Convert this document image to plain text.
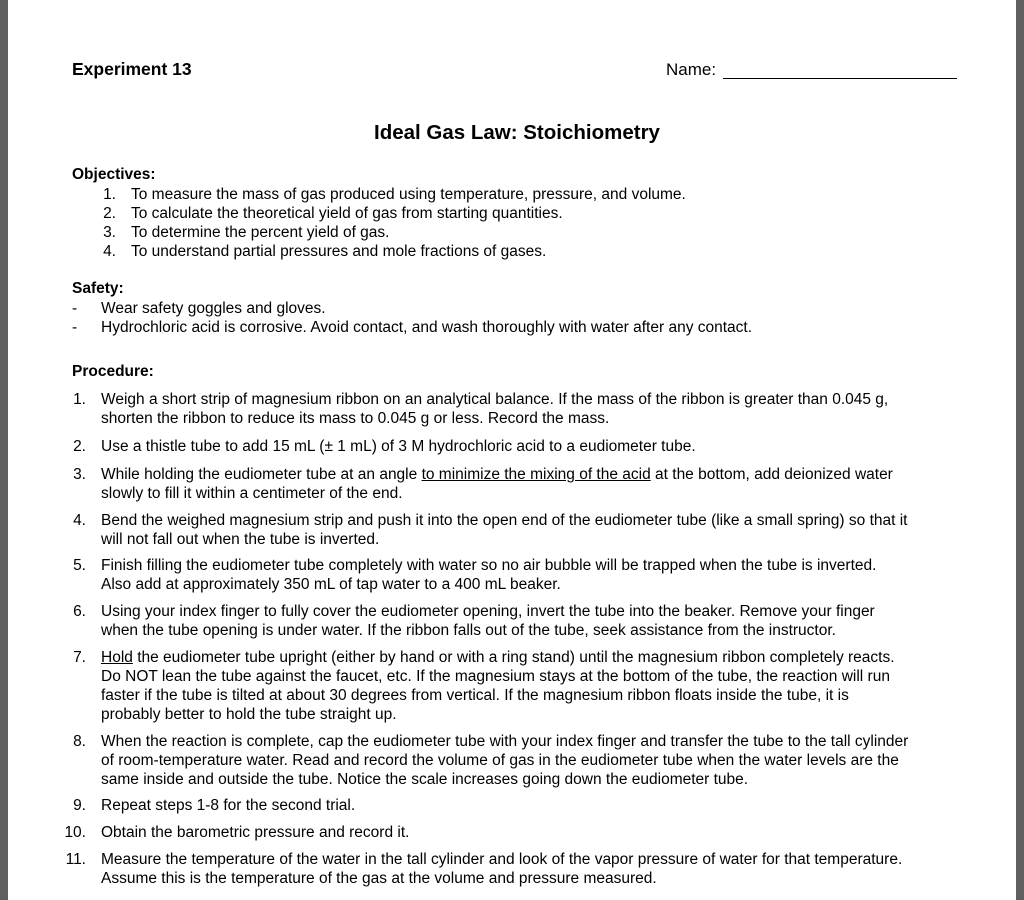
Experiment 13	Name:
Ideal Gas Law: Stoichiometry
Objectives:
1. To measure the mass of gas produced using temperature, pressure, and volume.
2. To calculate the theoretical yield of gas from starting quantities.
3. To determine the percent yield of gas.
4. To understand partial pressures and mole fractions of gases.
Safety:
- Wear safety goggles and gloves.
- Hydrochloric acid is corrosive. Avoid contact, and wash thoroughly with water after any contact.
Procedure:
1. Weigh a short strip of magnesium ribbon on an analytical balance. If the mass of the ribbon is greater than 0.045 g,
shorten the ribbon to reduce its mass to 0.045 g or less. Record the mass.
2. Use a thistle tube to add 15 mL (± 1 mL) of 3 M hydrochloric acid to a eudiometer tube.
3. While holding the eudiometer tube at an angle to minimize the mixing of the acid at the bottom, add deionized water
slowly to fill it within a centimeter of the end.
4. Bend the weighed magnesium strip and push it into the open end of the eudiometer tube (like a small spring) so that it
will not fall out when the tube is inverted.
5. Finish filling the eudiometer tube completely with water so no air bubble will be trapped when the tube is inverted.
Also add at approximately 350 mL of tap water to a 400 mL beaker.
6. Using your index finger to fully cover the eudiometer opening, invert the tube into the beaker. Remove your finger
when the tube opening is under water. If the ribbon falls out of the tube, seek assistance from the instructor.
7. Hold the eudiometer tube upright (either by hand or with a ring stand) until the magnesium ribbon completely reacts.
Do NOT lean the tube against the faucet, etc. If the magnesium stays at the bottom of the tube, the reaction will run
faster if the tube is tilted at about 30 degrees from vertical. If the magnesium ribbon floats inside the tube, it is
probably better to hold the tube straight up.
8. When the reaction is complete, cap the eudiometer tube with your index finger and transfer the tube to the tall cylinder
of room-temperature water. Read and record the volume of gas in the eudiometer tube when the water levels are the
same inside and outside the tube. Notice the scale increases going down the eudiometer tube.
9. Repeat steps 1-8 for the second trial.
10. Obtain the barometric pressure and record it.
11. Measure the temperature of the water in the tall cylinder and look of the vapor pressure of water for that temperature.
Assume this is the temperature of the gas at the volume and pressure measured.
